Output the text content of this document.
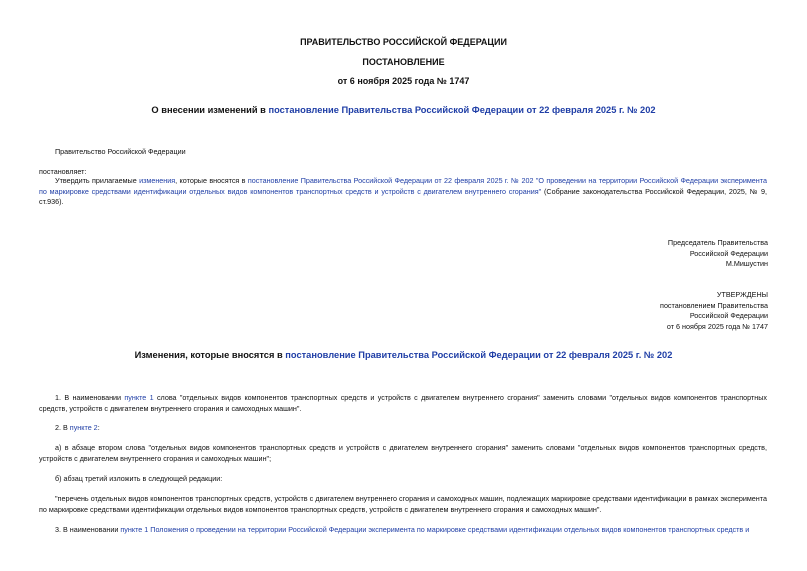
ПРАВИТЕЛЬСТВО РОССИЙСКОЙ ФЕДЕРАЦИИ
ПОСТАНОВЛЕНИЕ
от 6 ноября 2025 года № 1747
О внесении изменений в постановление Правительства Российской Федерации от 22 февраля 2025 г. № 202
Правительство Российской Федерации
постановляет:
Утвердить прилагаемые изменения, которые вносятся в постановление Правительства Российской Федерации от 22 февраля 2025 г. № 202 "О проведении на территории Российской Федерации эксперимента по маркировке средствами идентификации отдельных видов компонентов транспортных средств и устройств с двигателем внутреннего сгорания" (Собрание законодательства Российской Федерации, 2025, № 9, ст.936).
Председатель Правительства
Российской Федерации
М.Мишустин
УТВЕРЖДЕНЫ
постановлением Правительства
Российской Федерации
от 6 ноября 2025 года № 1747
Изменения, которые вносятся в постановление Правительства Российской Федерации от 22 февраля 2025 г. № 202
1. В наименовании пункте 1 слова "отдельных видов компонентов транспортных средств и устройств с двигателем внутреннего сгорания" заменить словами "отдельных видов компонентов транспортных средств, устройств с двигателем внутреннего сгорания и самоходных машин".
2. В пункте 2:
а) в абзаце втором слова "отдельных видов компонентов транспортных средств и устройств с двигателем внутреннего сгорания" заменить словами "отдельных видов компонентов транспортных средств, устройств с двигателем внутреннего сгорания и самоходных машин";
б) абзац третий изложить в следующей редакции:
"перечень отдельных видов компонентов транспортных средств, устройств с двигателем внутреннего сгорания и самоходных машин, подлежащих маркировке средствами идентификации в рамках эксперимента по маркировке средствами идентификации отдельных видов компонентов транспортных средств, устройств с двигателем внутреннего сгорания и самоходных машин".
3. В наименовании пункте 1 Положения о проведении на территории Российской Федерации эксперимента по маркировке средствами идентификации отдельных видов компонентов транспортных средств и
